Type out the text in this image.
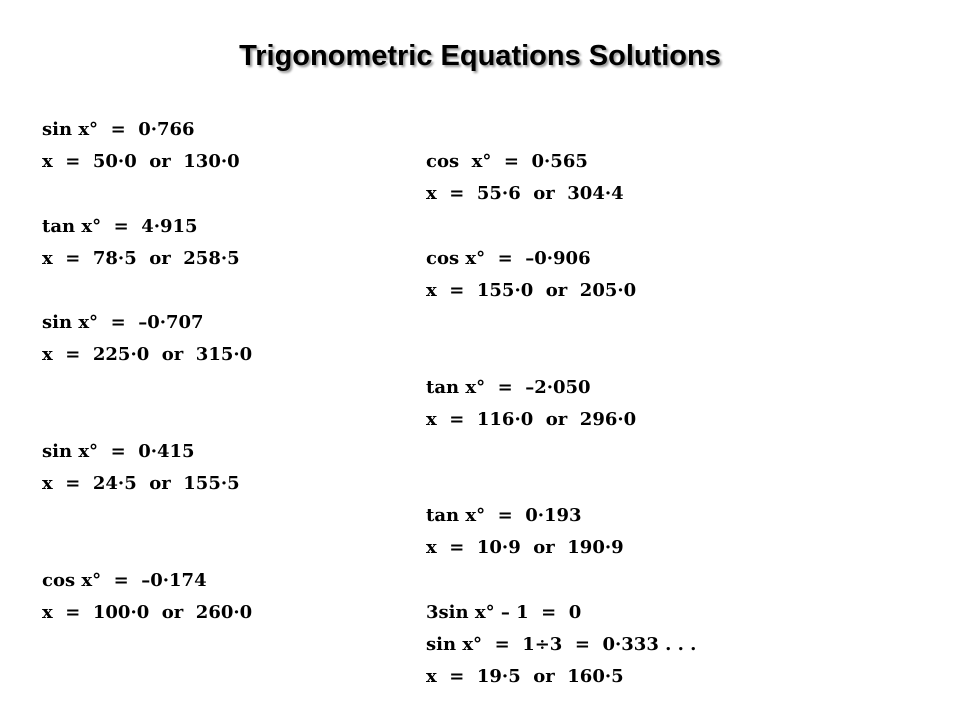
Trigonometric Equations Solutions
sin x°  =  0·766
x  =  50·0  or  130·0
tan x°  =  4·915
x  =  78·5  or  258·5
sin x°  =  –0·707
x  =  225·0  or  315·0
sin x°  =  0·415
x  =  24·5  or  155·5
cos x°  =  –0·174
x  =  100·0  or  260·0
cos  x°  =  0·565
x  =  55·6  or  304·4
cos x°  =  –0·906
x  =  155·0  or  205·0
tan x°  =  –2·050
x  =  116·0  or  296·0
tan x°  =  0·193
x  =  10·9  or  190·9
3sin x° – 1  =  0
sin x°  =  1÷3  =  0·333 . . .
x  =  19·5  or  160·5
